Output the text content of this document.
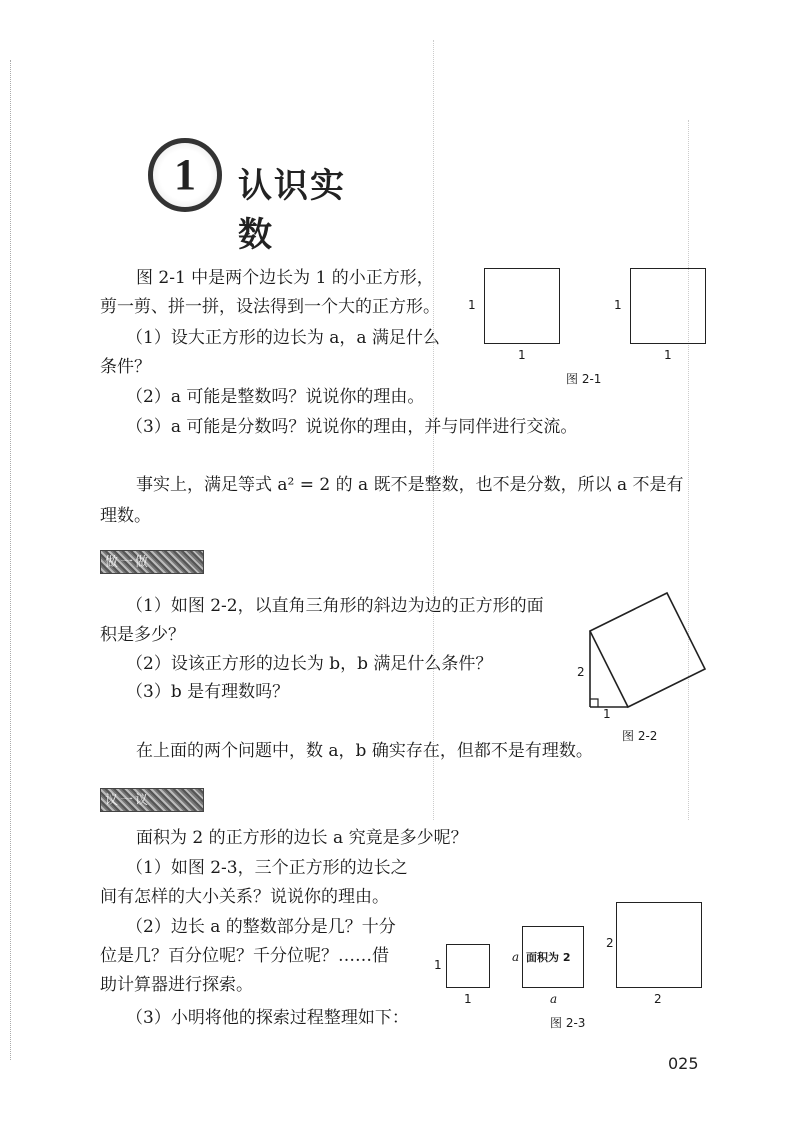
1	认识实数
图 2-1 中是两个边长为 1 的小正方形，
剪一剪、拼一拼，设法得到一个大的正方形。
（1）设大正方形的边长为 a，a 满足什么
条件？
（2）a 可能是整数吗？说说你的理由。
（3）a 可能是分数吗？说说你的理由，并与同伴进行交流。
1
1
1
1
图 2-1
事实上，满足等式 a² = 2 的 a 既不是整数，也不是分数，所以 a 不是有
理数。
做一做
（1）如图 2-2，以直角三角形的斜边为边的正方形的面
积是多少？
（2）设该正方形的边长为 b，b 满足什么条件？
（3）b 是有理数吗？
在上面的两个问题中，数 a，b 确实存在，但都不是有理数。
2
1
图 2-2
议一议
面积为 2 的正方形的边长 a 究竟是多少呢？
（1）如图 2-3，三个正方形的边长之
间有怎样的大小关系？说说你的理由。
（2）边长 a 的整数部分是几？十分
位是几？百分位呢？千分位呢？……借
助计算器进行探索。
（3）小明将他的探索过程整理如下：
1
1
a 面积为 2
a
2
2
图 2-3
025
